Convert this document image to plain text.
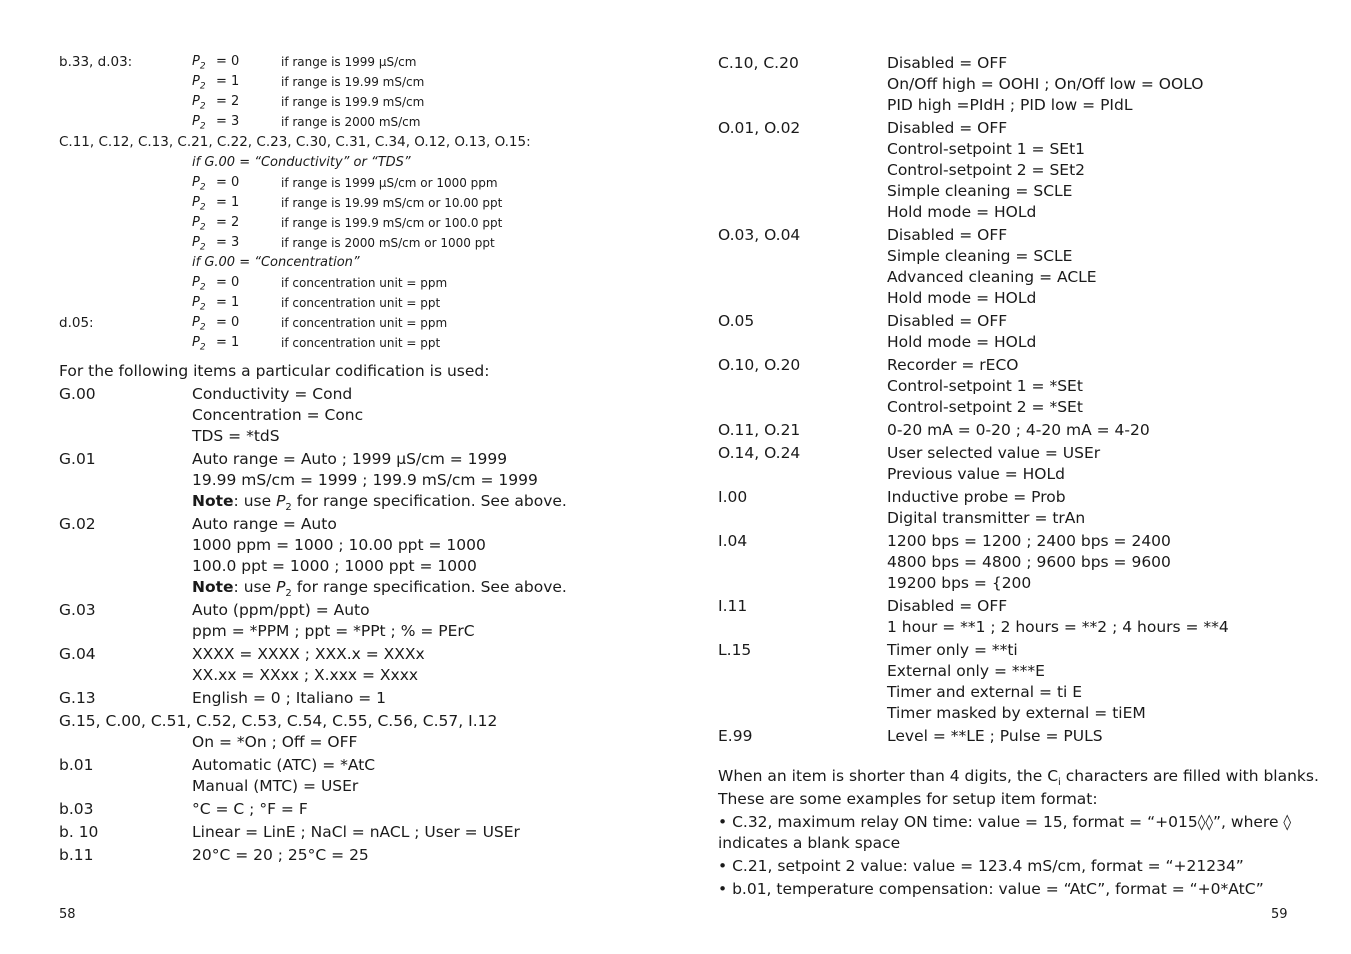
b.33, d.03:	$P_2 = 0$	if range is 1999 µS/cm
$P_2 = 1$	if range is 19.99 mS/cm
$P_2 = 2$	if range is 199.9 mS/cm
$P_2 = 3$	if range is 2000 mS/cm
C.11, C.12, C.13, C.21, C.22, C.23, C.30, C.31, C.34, O.12, O.13, O.15:
if G.00 = “Conductivity” or “TDS”
$P_2 = 0$	if range is 1999 µS/cm or 1000 ppm
$P_2 = 1$	if range is 19.99 mS/cm or 10.00 ppt
$P_2 = 2$	if range is 199.9 mS/cm or 100.0 ppt
$P_2 = 3$	if range is 2000 mS/cm or 1000 ppt
if G.00 = “Concentration”
$P_2 = 0$	if concentration unit = ppm
$P_2 = 1$	if concentration unit = ppt
d.05:	$P_2 = 0$	if concentration unit = ppm
$P_2 = 1$	if concentration unit = ppt
For the following items a particular codification is used:
G.00	Conductivity = Cond
Concentration = Conc
TDS = *tdS
G.01	Auto range = Auto ; 1999 µS/cm = 1999
19.99 mS/cm = 1999 ; 199.9 mS/cm = 1999
Note: use $P_2$ for range specification. See above.
G.02	Auto range = Auto
1000 ppm = 1000 ; 10.00 ppt = 1000
100.0 ppt = 1000 ; 1000 ppt = 1000
Note: use $P_2$ for range specification. See above.
G.03	Auto (ppm/ppt) = Auto
ppm = *PPM ; ppt = *PPt ; % = PErC
G.04	XXXX = XXXX ; XXX.x = XXXx
XX.xx = XXxx ; X.xxx = Xxxx
G.13	English = 0 ; Italiano = 1
G.15, C.00, C.51, C.52, C.53, C.54, C.55, C.56, C.57, I.12
On = *On ; Off = OFF
b.01	Automatic (ATC) = *AtC
Manual (MTC) = USEr
b.03	°C = C ; °F = F
b. 10	Linear = LinE ; NaCl = nACL ; User = USEr
b.11	20°C = 20 ; 25°C = 25
58
C.10, C.20	Disabled = OFF
On/Off high = OOHI ; On/Off low = OOLO
PID high =PIdH ; PID low = PIdL
O.01, O.02	Disabled = OFF
Control-setpoint 1 = SEt1
Control-setpoint 2 = SEt2
Simple cleaning = SCLE
Hold mode = HOLd
O.03, O.04	Disabled = OFF
Simple cleaning = SCLE
Advanced cleaning = ACLE
Hold mode = HOLd
O.05	Disabled = OFF
Hold mode = HOLd
O.10, O.20	Recorder = rECO
Control-setpoint 1 = *SEt
Control-setpoint 2 = *SEt
O.11, O.21	0-20 mA = 0-20 ; 4-20 mA = 4-20
O.14, O.24	User selected value = USEr
Previous value = HOLd
I.00	Inductive probe = Prob
Digital transmitter = trAn
I.04	1200 bps = 1200 ; 2400 bps = 2400
4800 bps = 4800 ; 9600 bps = 9600
19200 bps = {200
I.11	Disabled = OFF
1 hour = **1 ; 2 hours = **2 ; 4 hours = **4
L.15	Timer only = **ti
External only = ***E
Timer and external = ti E
Timer masked by external = tiEM
E.99	Level = **LE ; Pulse = PULS
When an item is shorter than 4 digits, the $C_i$ characters are filled with blanks.
These are some examples for setup item format:
• C.32, maximum relay ON time: value = 15, format = “+015◊◊”, where ◊
indicates a blank space
• C.21, setpoint 2 value: value = 123.4 mS/cm, format = “+21234”
• b.01, temperature compensation: value = “AtC”, format = “+0*AtC”
59
